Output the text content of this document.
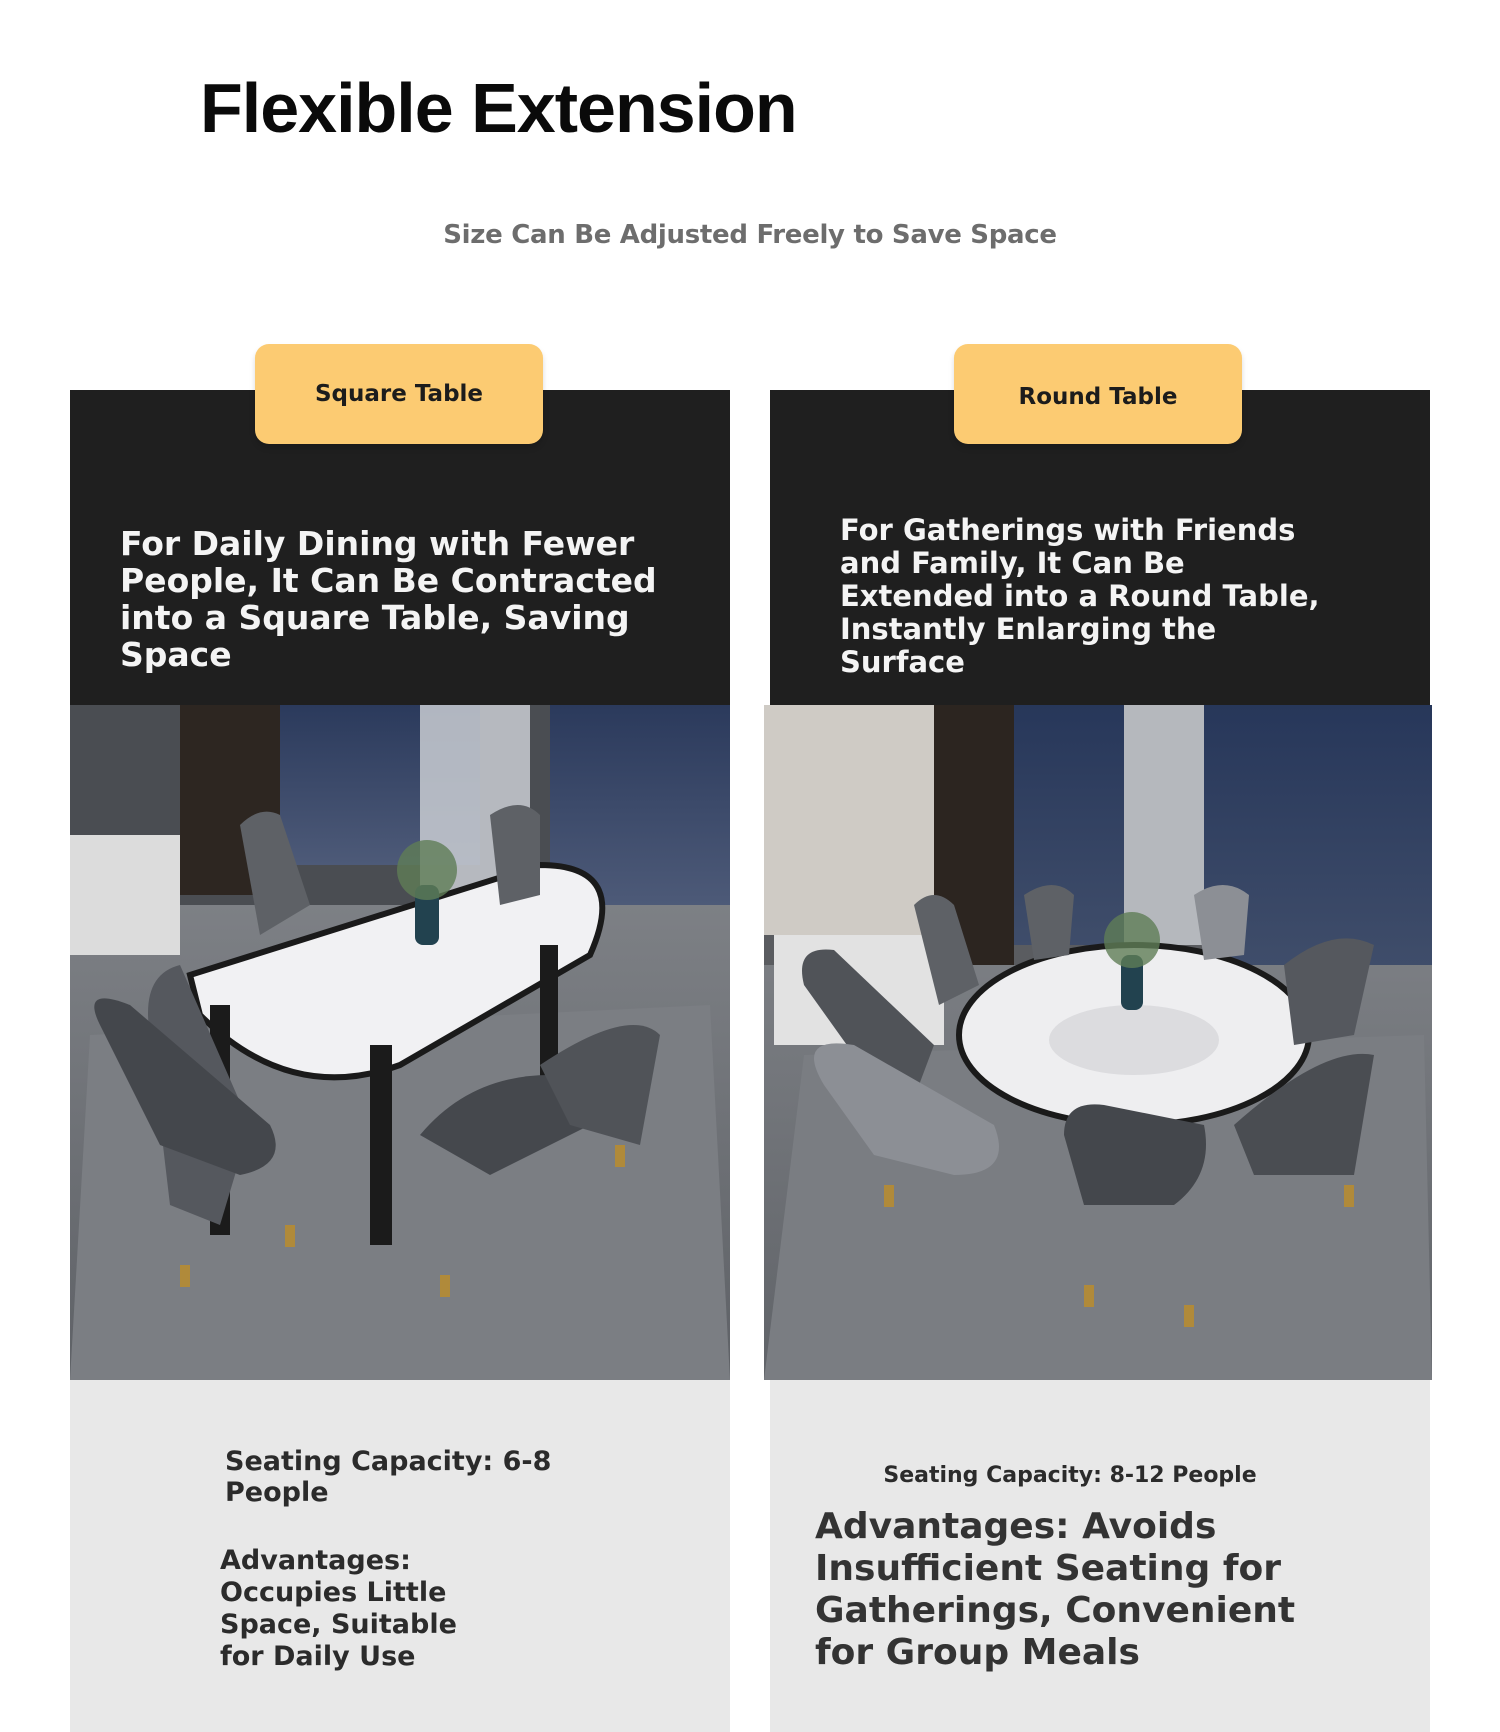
Flexible Extension
Size Can Be Adjusted Freely to Save Space
For Daily Dining with Fewer People, It Can Be Contracted into a Square Table, Saving Space
Square Table
Seating Capacity: 6-8 People
Advantages: Occupies Little Space, Suitable for Daily Use
For Gatherings with Friends and Family, It Can Be Extended into a Round Table, Instantly Enlarging the Surface
Round Table
Seating Capacity: 8-12 People
Advantages: Avoids Insufficient Seating for Gatherings, Convenient for Group Meals
